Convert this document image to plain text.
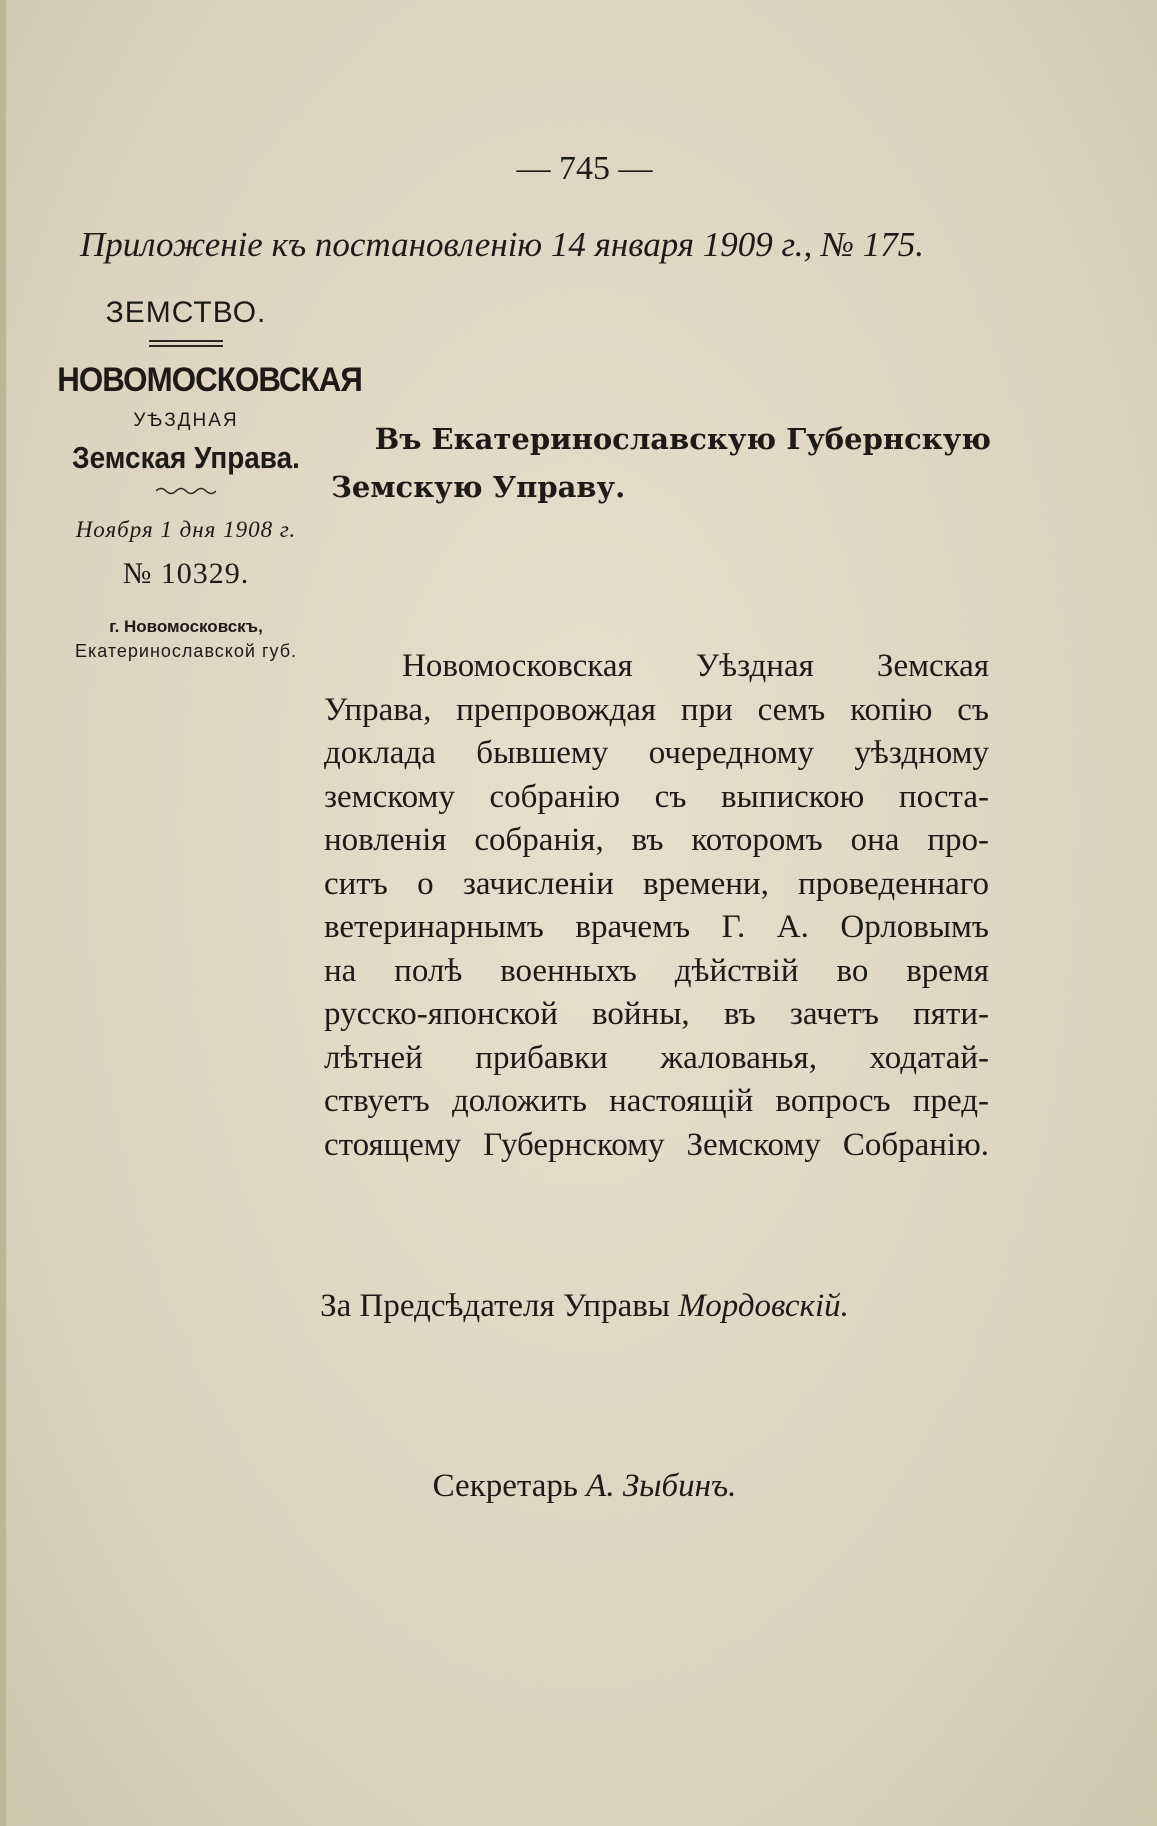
— 745 —
Приложеніе къ постановленію 14 января 1909 г., № 175.
ЗЕМСТВО.
НОВОМОСКОВСКАЯ
УѢЗДНАЯ
Земская Управа.
Ноября 1 дня 1908 г.
№ 10329.
г. Новомосковскъ,
Екатеринославской губ.
Въ Екатеринославскую Губернскую
Земскую Управу.
Новомосковская Уѣздная Земская
Управа, препровождая при семъ копію съ
доклада бывшему очередному уѣздному
земскому собранію съ выпискою поста-
новленія собранія, въ которомъ она про-
ситъ о зачисленіи времени, проведеннаго
ветеринарнымъ врачемъ Г. А. Орловымъ
на полѣ военныхъ дѣйствій во время
русско-японской войны, въ зачетъ пяти-
лѣтней прибавки жалованья, ходатай-
ствуетъ доложить настоящій вопросъ пред-
стоящему Губернскому Земскому Собранію.
За Предсѣдателя Управы Мордовскій.
Секретарь А. Зыбинъ.
